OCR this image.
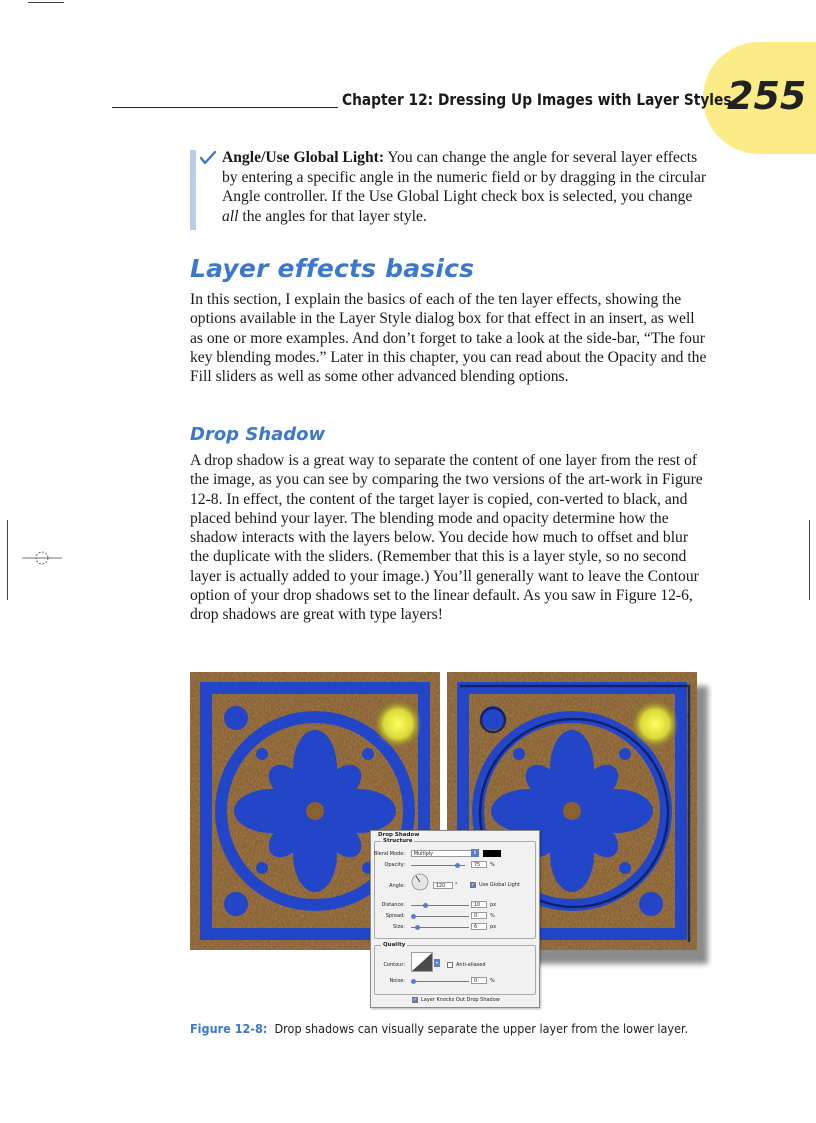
255
Chapter 12: Dressing Up Images with Layer Styles

Angle/Use Global Light: You can change the angle for several layer effects by entering a specific angle in the numeric field or by dragging in the circular Angle controller. If the Use Global Light check box is selected, you change all the angles for that layer style.

Layer effects basics

In this section, I explain the basics of each of the ten layer effects, showing the options available in the Layer Style dialog box for that effect in an insert, as well as one or more examples. And don’t forget to take a look at the side-bar, “The four key blending modes.” Later in this chapter, you can read about the Opacity and the Fill sliders as well as some other advanced blending options.

Drop Shadow

A drop shadow is a great way to separate the content of one layer from the rest of the image, as you can see by comparing the two versions of the art-work in Figure 12-8. In effect, the content of the target layer is copied, con-verted to black, and placed behind your layer. The blending mode and opacity determine how the shadow interacts with the layers below. You decide how much to offset and blur the duplicate with the sliders. (Remember that this is a layer style, so no second layer is actually added to your image.) You’ll generally want to leave the Contour option of your drop shadows set to the linear default. As you saw in Figure 12-6, drop shadows are great with type layers!

Drop Shadow
Structure
Blend Mode:	Multiply	⇕
Opacity:	75	%
Angle:	120	°	✓ Use Global Light
Distance:	10	px
Spread:	0	%
Size:	6	px
Quality
Contour:	▾	Anti-aliased
Noise:	0	%
✓ Layer Knocks Out Drop Shadow
Figure 12-8: Drop shadows can visually separate the upper layer from the lower layer.
